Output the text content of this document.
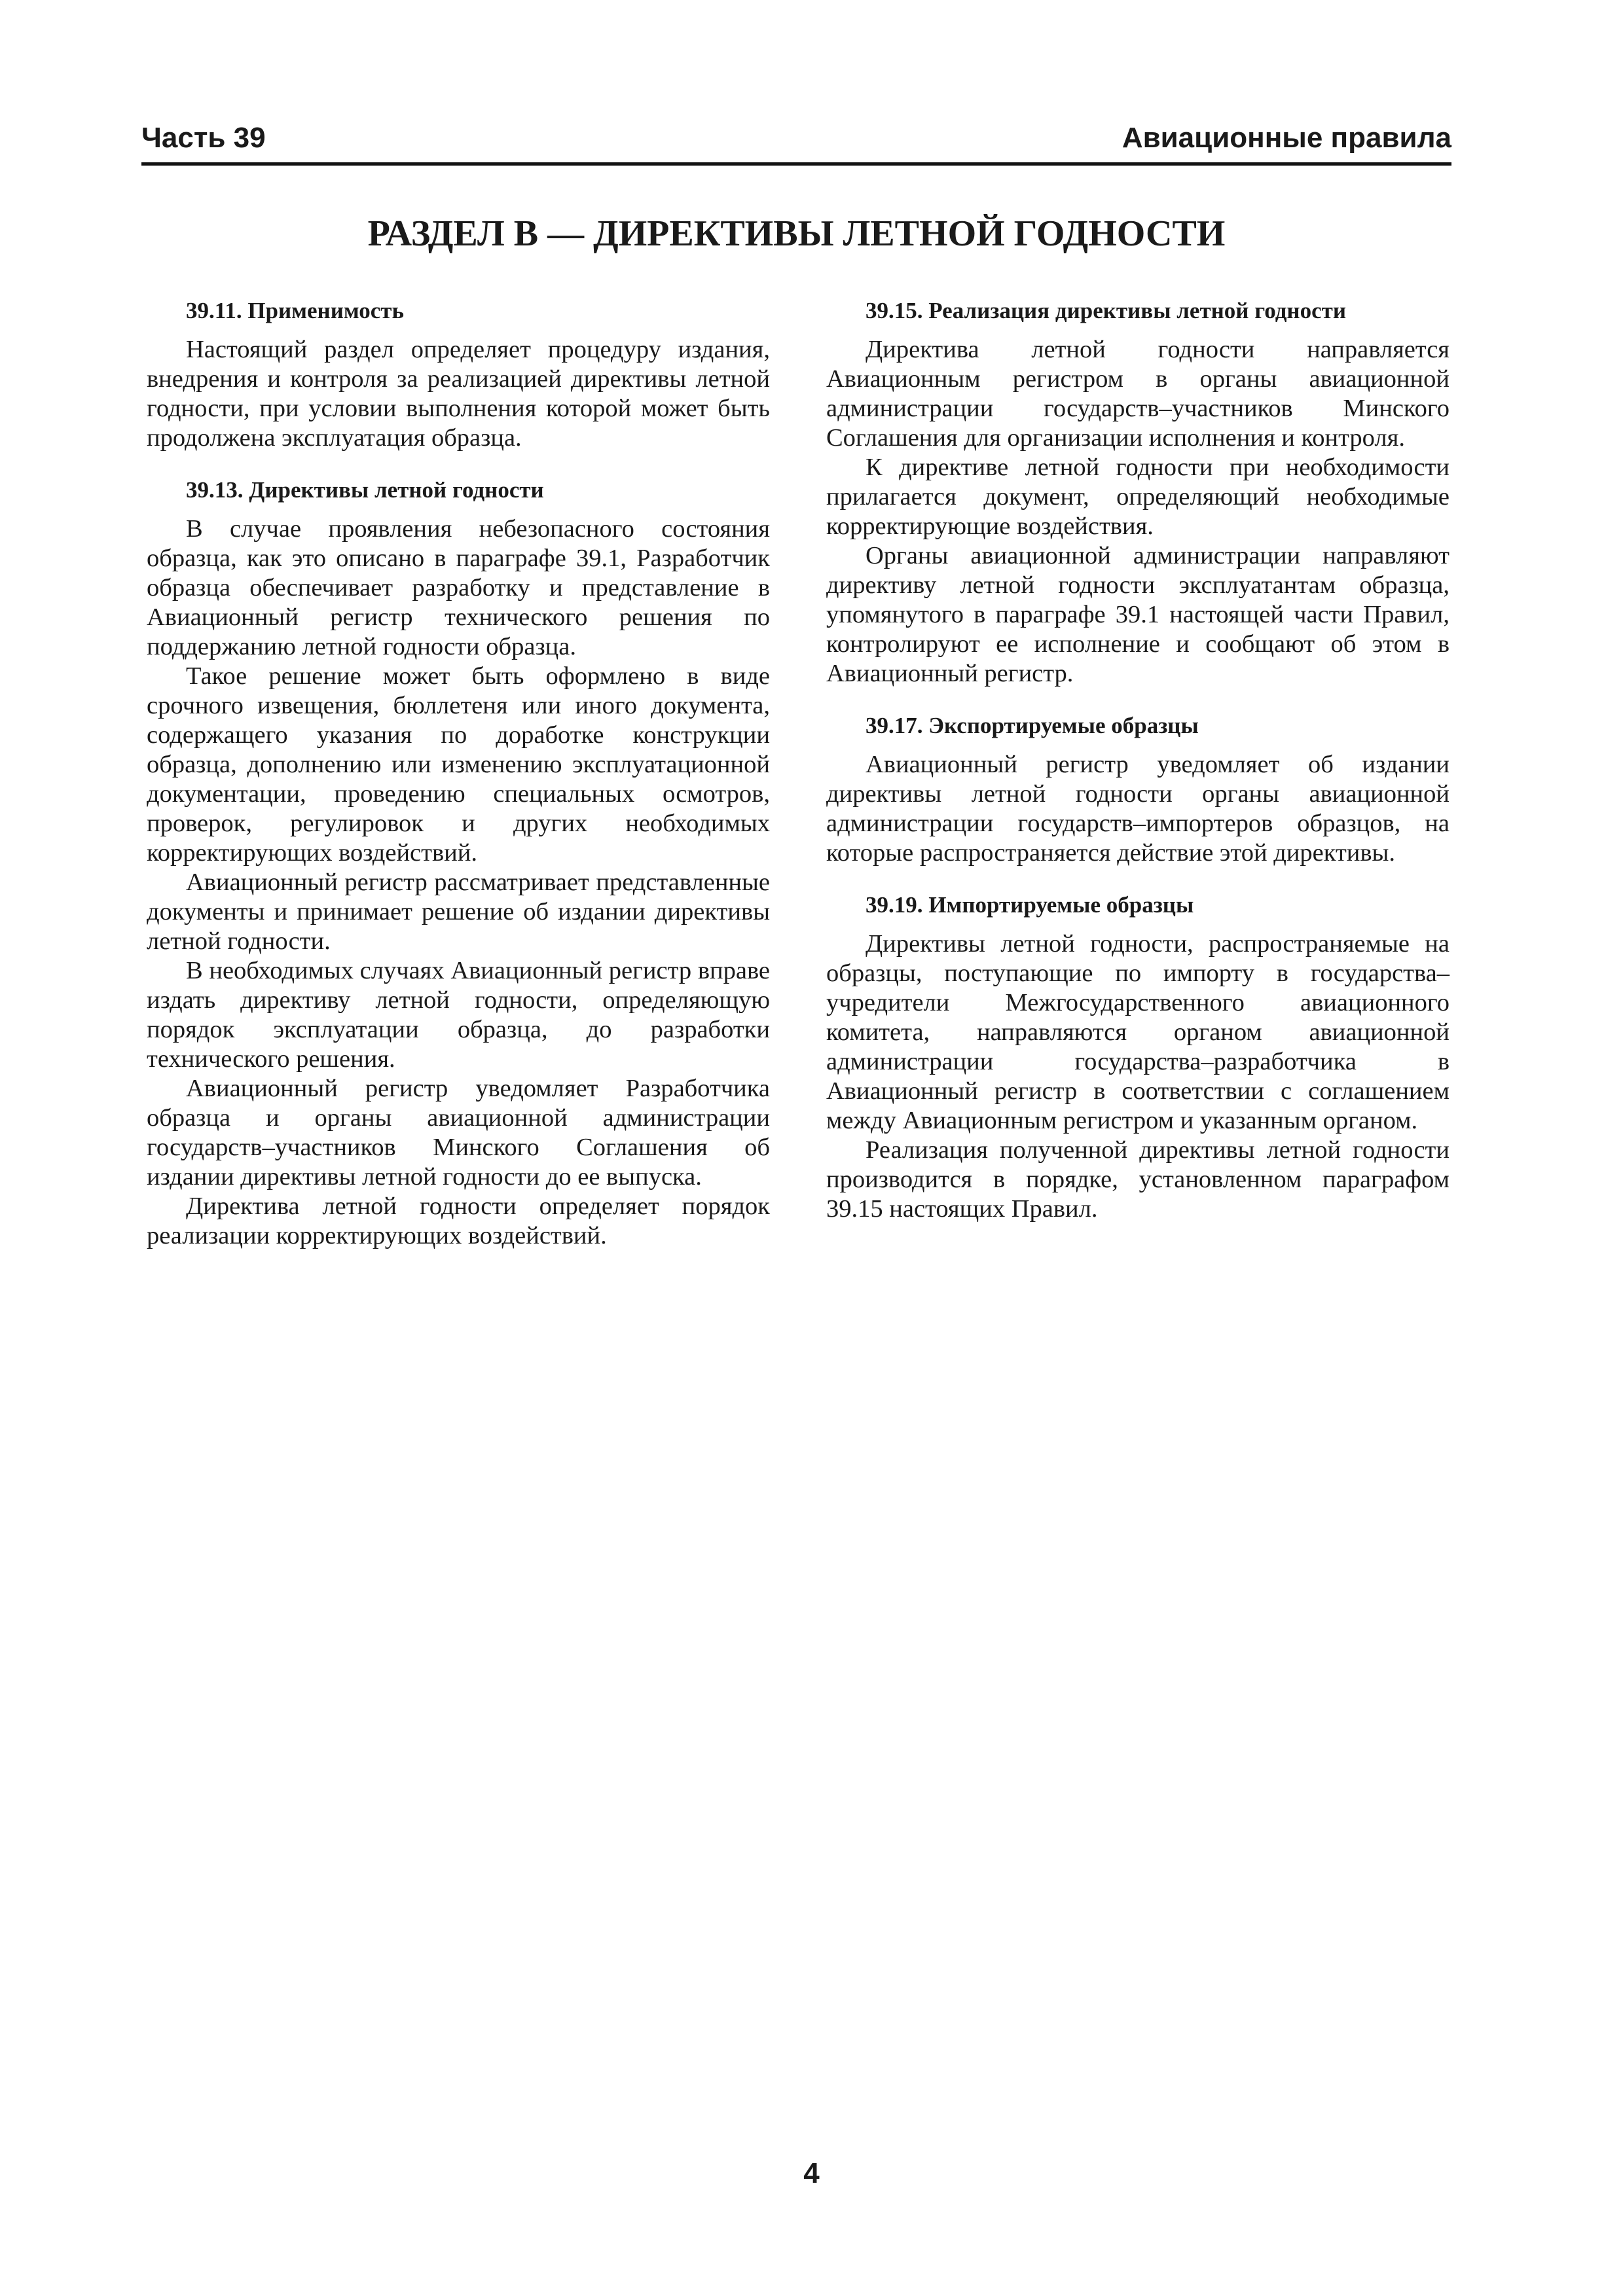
Часть 39	Авиационные правила
РАЗДЕЛ В — ДИРЕКТИВЫ ЛЕТНОЙ ГОДНОСТИ
39.11. Применимость

Настоящий раздел определяет процедуру издания, внедрения и контроля за реализацией директивы летной годности, при условии выполнения которой может быть продолжена эксплуатация образца.

39.13. Директивы летной годности

В случае проявления небезопасного состояния образца, как это описано в параграфе 39.1, Разработчик образца обеспечивает разработку и представление в Авиационный регистр технического решения по поддержанию летной годности образца.

Такое решение может быть оформлено в виде срочного извещения, бюллетеня или иного документа, содержащего указания по доработке конструкции образца, дополнению или изменению эксплуатационной документации, проведению специальных осмотров, проверок, регулировок и других необходимых корректирующих воздействий.

Авиационный регистр рассматривает представленные документы и принимает решение об издании директивы летной годности.

В необходимых случаях Авиационный регистр вправе издать директиву летной годности, определяющую порядок эксплуатации образца, до разработки технического решения.

Авиационный регистр уведомляет Разработчика образца и органы авиационной администрации государств–участников Минского Соглашения об издании директивы летной годности до ее выпуска.

Директива летной годности определяет порядок реализации корректирующих воздействий.

39.15. Реализация директивы летной годности

Директива летной годности направляется Авиационным регистром в органы авиационной администрации государств–участников Минского Соглашения для организации исполнения и контроля.

К директиве летной годности при необходимости прилагается документ, определяющий необходимые корректирующие воздействия.

Органы авиационной администрации направляют директиву летной годности эксплуатантам образца, упомянутого в параграфе 39.1 настоящей части Правил, контролируют ее исполнение и сообщают об этом в Авиационный регистр.

39.17. Экспортируемые образцы

Авиационный регистр уведомляет об издании директивы летной годности органы авиационной администрации государств–импортеров образцов, на которые распространяется действие этой директивы.

39.19. Импортируемые образцы

Директивы летной годности, распространяемые на образцы, поступающие по импорту в государства–учредители Межгосударственного авиационного комитета, направляются органом авиационной администрации государства–разработчика в Авиационный регистр в соответствии с соглашением между Авиационным регистром и указанным органом.

Реализация полученной директивы летной годности производится в порядке, установленном параграфом 39.15 настоящих Правил.

4
